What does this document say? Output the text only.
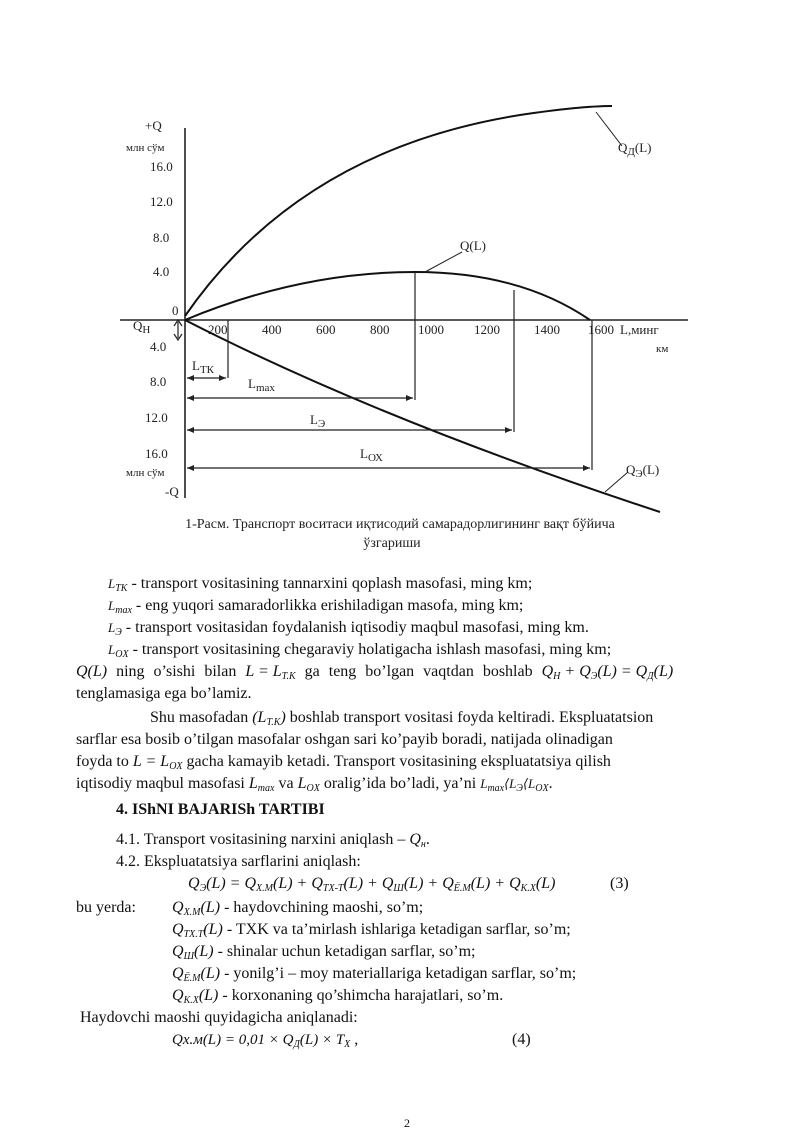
+Q
млн сўм
16.0
12.0
8.0
4.0
0
$Q_H$
4.0
8.0
12.0
16.0
млн сўм
-Q
200	400	600	800 1000 1200	1400 1600 L,минг
км
$Q_Д(L)$
Q(L)
$Q_Э(L)$
$L_{ТК}$
$L_{max}$
$L_Э$
$L_{ОХ}$
1-Расм. Транспорт воситаси иқтисодий самарадорлигининг вақт бўйича
ўзгариши
$L_{TK}$ - transport vositasining tannarxini qoplash masofasi, ming km;
$L_{max}$ - eng yuqori samaradorlikka erishiladigan masofa, ming km;
$L_Э$ - transport vositasidan foydalanish iqtisodiy maqbul masofasi, ming km.
$L_{OX}$ - transport vositasining chegaraviy holatigacha ishlash masofasi, ming km;
Q(L) ning o’sishi bilan $L = L_{T.K}$ ga teng bo’lgan vaqtdan boshlab $Q_H + Q_Э(L) = Q_Д(L)$
tenglamasiga ega bo’lamiz.
Shu masofadan $(L_{T.K})$ boshlab transport vositasi foyda keltiradi. Ekspluatatsion
sarflar esa bosib o’tilgan masofalar oshgan sari ko’payib boradi, natijada olinadigan
foyda to $L = L_{OX}$ gacha kamayib ketadi. Transport vositasining ekspluatatsiya qilish
iqtisodiy maqbul masofasi $L_{max}$ va $L_{OX}$ oralig’ida bo’ladi, ya’ni $L_{max}⟨L_Э⟨L_{OX}$.
4. IShNI BAJARISh TARTIBI
4.1. Transport vositasining narxini aniqlash – $Q_н$.
4.2. Ekspluatatsiya sarflarini aniqlash:
$Q_Э(L) = Q_{X.M}(L) + Q_{TX-T}(L) + Q_Ш(L) + Q_{Ё.М}(L) + Q_{К.Х}(L)$	(3)
bu yerda:	$Q_{X.M}(L)$ - haydovchining maoshi, so’m;
$Q_{TX.T}(L)$ - TXK va ta’mirlash ishlariga ketadigan sarflar, so’m;
$Q_Ш(L)$ - shinalar uchun ketadigan sarflar, so’m;
$Q_{Ё.М}(L)$ - yonilg’i – moy materiallariga ketadigan sarflar, so’m;
$Q_{К.Х}(L)$ - korxonaning qo’shimcha harajatlari, so’m.
Haydovchi maoshi quyidagicha aniqlanadi:
$Qx.м(L) = 0,01 \times Q_Д(L) \times T_X$ ,	(4)
2
